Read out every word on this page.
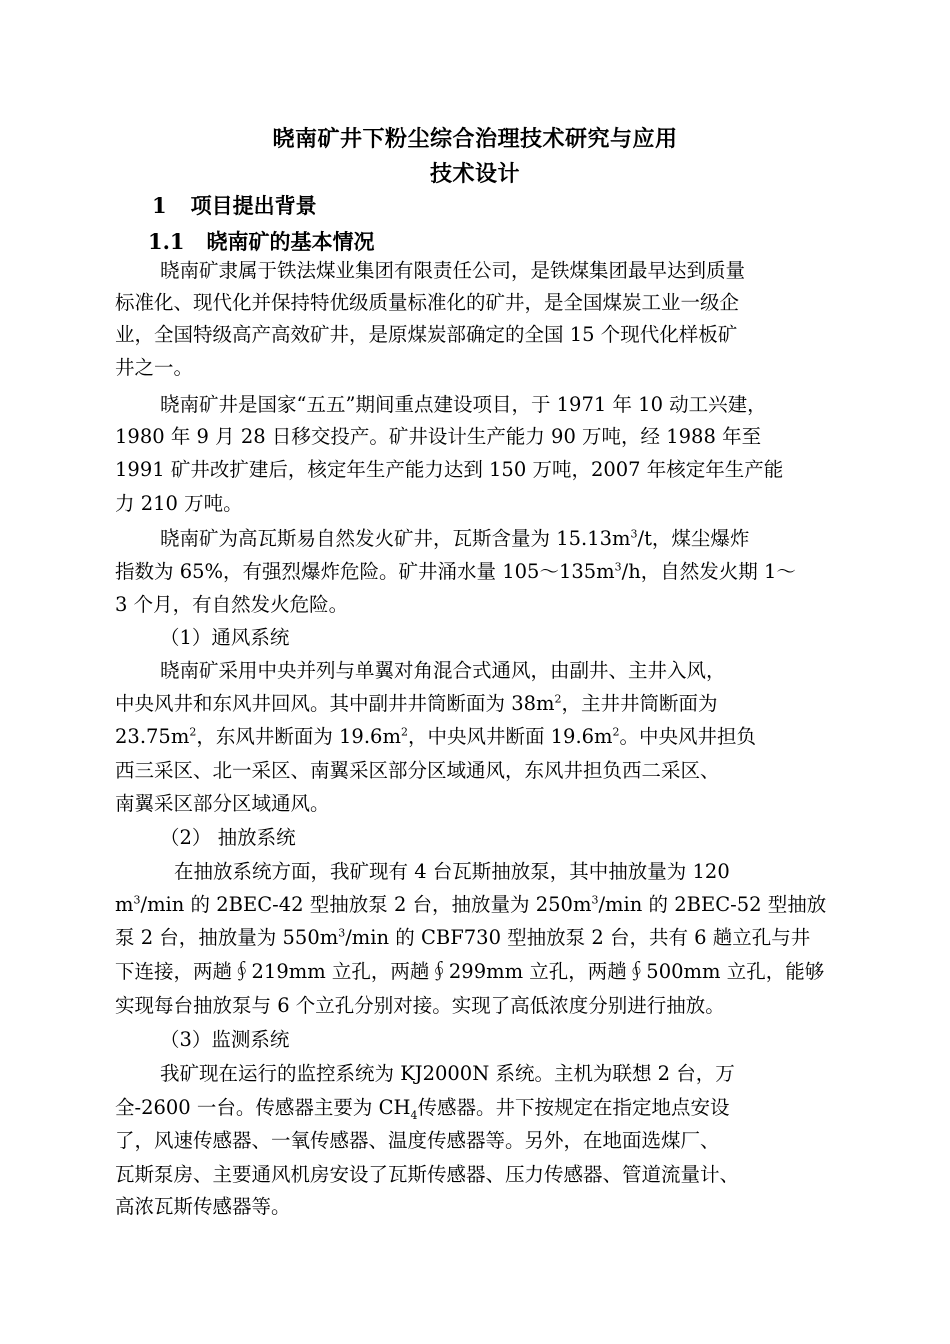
晓南矿井下粉尘综合治理技术研究与应用
技术设计
1 项目提出背景
1.1 晓南矿的基本情况
晓南矿隶属于铁法煤业集团有限责任公司，是铁煤集团最早达到质量
标准化、现代化并保持特优级质量标准化的矿井，是全国煤炭工业一级企
业，全国特级高产高效矿井，是原煤炭部确定的全国 15 个现代化样板矿
井之一。
晓南矿井是国家“五五”期间重点建设项目，于 1971 年 10 动工兴建，
1980 年 9 月 28 日移交投产。矿井设计生产能力 90 万吨，经 1988 年至
1991 矿井改扩建后，核定年生产能力达到 150 万吨，2007 年核定年生产能
力 210 万吨。
晓南矿为高瓦斯易自然发火矿井，瓦斯含量为 $15.13m^3/t$，煤尘爆炸
指数为 65%，有强烈爆炸危险。矿井涌水量 $105\sim 135m^3/h$，自然发火期 1～
3 个月，有自然发火危险。
（1）通风系统
晓南矿采用中央并列与单翼对角混合式通风，由副井、主井入风，
中央风井和东风井回风。其中副井井筒断面为 $38m^2$，主井井筒断面为
$23.75m^2$，东风井断面为 $19.6m^2$，中央风井断面 $19.6m^2$。中央风井担负
西三采区、北一采区、南翼采区部分区域通风，东风井担负西二采区、
南翼采区部分区域通风。
（2） 抽放系统
在抽放系统方面，我矿现有 4 台瓦斯抽放泵，其中抽放量为 120
$m^3/\min$ 的 2BEC-42 型抽放泵 2 台，抽放量为 $250m^3/\min$ 的 2BEC-52 型抽放
泵 2 台，抽放量为 $550m^3/\min$ 的 CBF730 型抽放泵 2 台，共有 6 趟立孔与井
下连接，两趟∮219mm 立孔，两趟∮299mm 立孔，两趟∮500mm 立孔，能够
实现每台抽放泵与 6 个立孔分别对接。实现了高低浓度分别进行抽放。
（3）监测系统
我矿现在运行的监控系统为 KJ2000N 系统。主机为联想 2 台，万
全-2600 一台。传感器主要为 $CH_4$传感器。井下按规定在指定地点安设
了，风速传感器、一氧传感器、温度传感器等。另外，在地面选煤厂、
瓦斯泵房、主要通风机房安设了瓦斯传感器、压力传感器、管道流量计、
高浓瓦斯传感器等。
